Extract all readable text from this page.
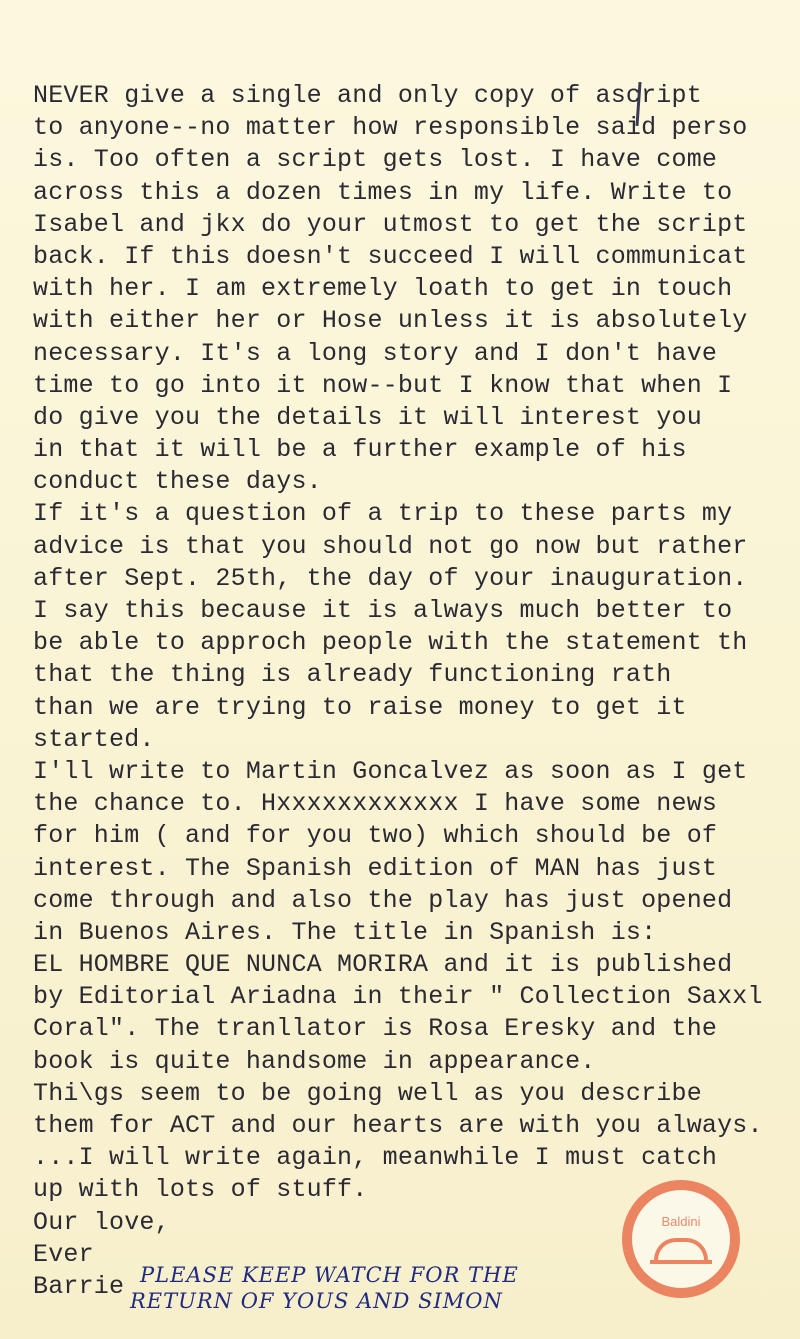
NEVER give a single and only copy of ascript
to anyone--no matter how responsible said perso
is. Too often a script gets lost. I have come
across this a dozen times in my life. Write to
Isabel and jkx do your utmost to get the script
back. If this doesn't succeed I will communicat
with her. I am extremely loath to get in touch
with either her or Hose unless it is absolutely
necessary. It's a long story and I don't have
time to go into it now--but I know that when I
do give you the details it will interest you
in that it will be a further example of his
conduct these days.
If it's a question of a trip to these parts my
advice is that you should not go now but rather
after Sept. 25th, the day of your inauguration.
I say this because it is always much better to
be able to approch people with the statement th
that the thing is already functioning rath
than we are trying to raise money to get it
started.
I'll write to Martin Goncalvez as soon as I get
the chance to. Hxxxxxxxxxxxx I have some news
for him ( and for you two) which should be of
interest. The Spanish edition of MAN has just
come through and also the play has just opened
in Buenos Aires. The title in Spanish is:
EL HOMBRE QUE NUNCA MORIRA and it is published
by Editorial Ariadna in their " Collection Saxxl
Coral". The tranllator is Rosa Eresky and the
book is quite handsome in appearance.
Thi\gs seem to be going well as you describe
them for ACT and our hearts are with you always.
...I will write again, meanwhile I must catch
up with lots of stuff.
Our love,
Ever
Barrie PLEASE KEEP WATCH FOR THE
RETURN OF YOUS AND SIMON
Baldini
